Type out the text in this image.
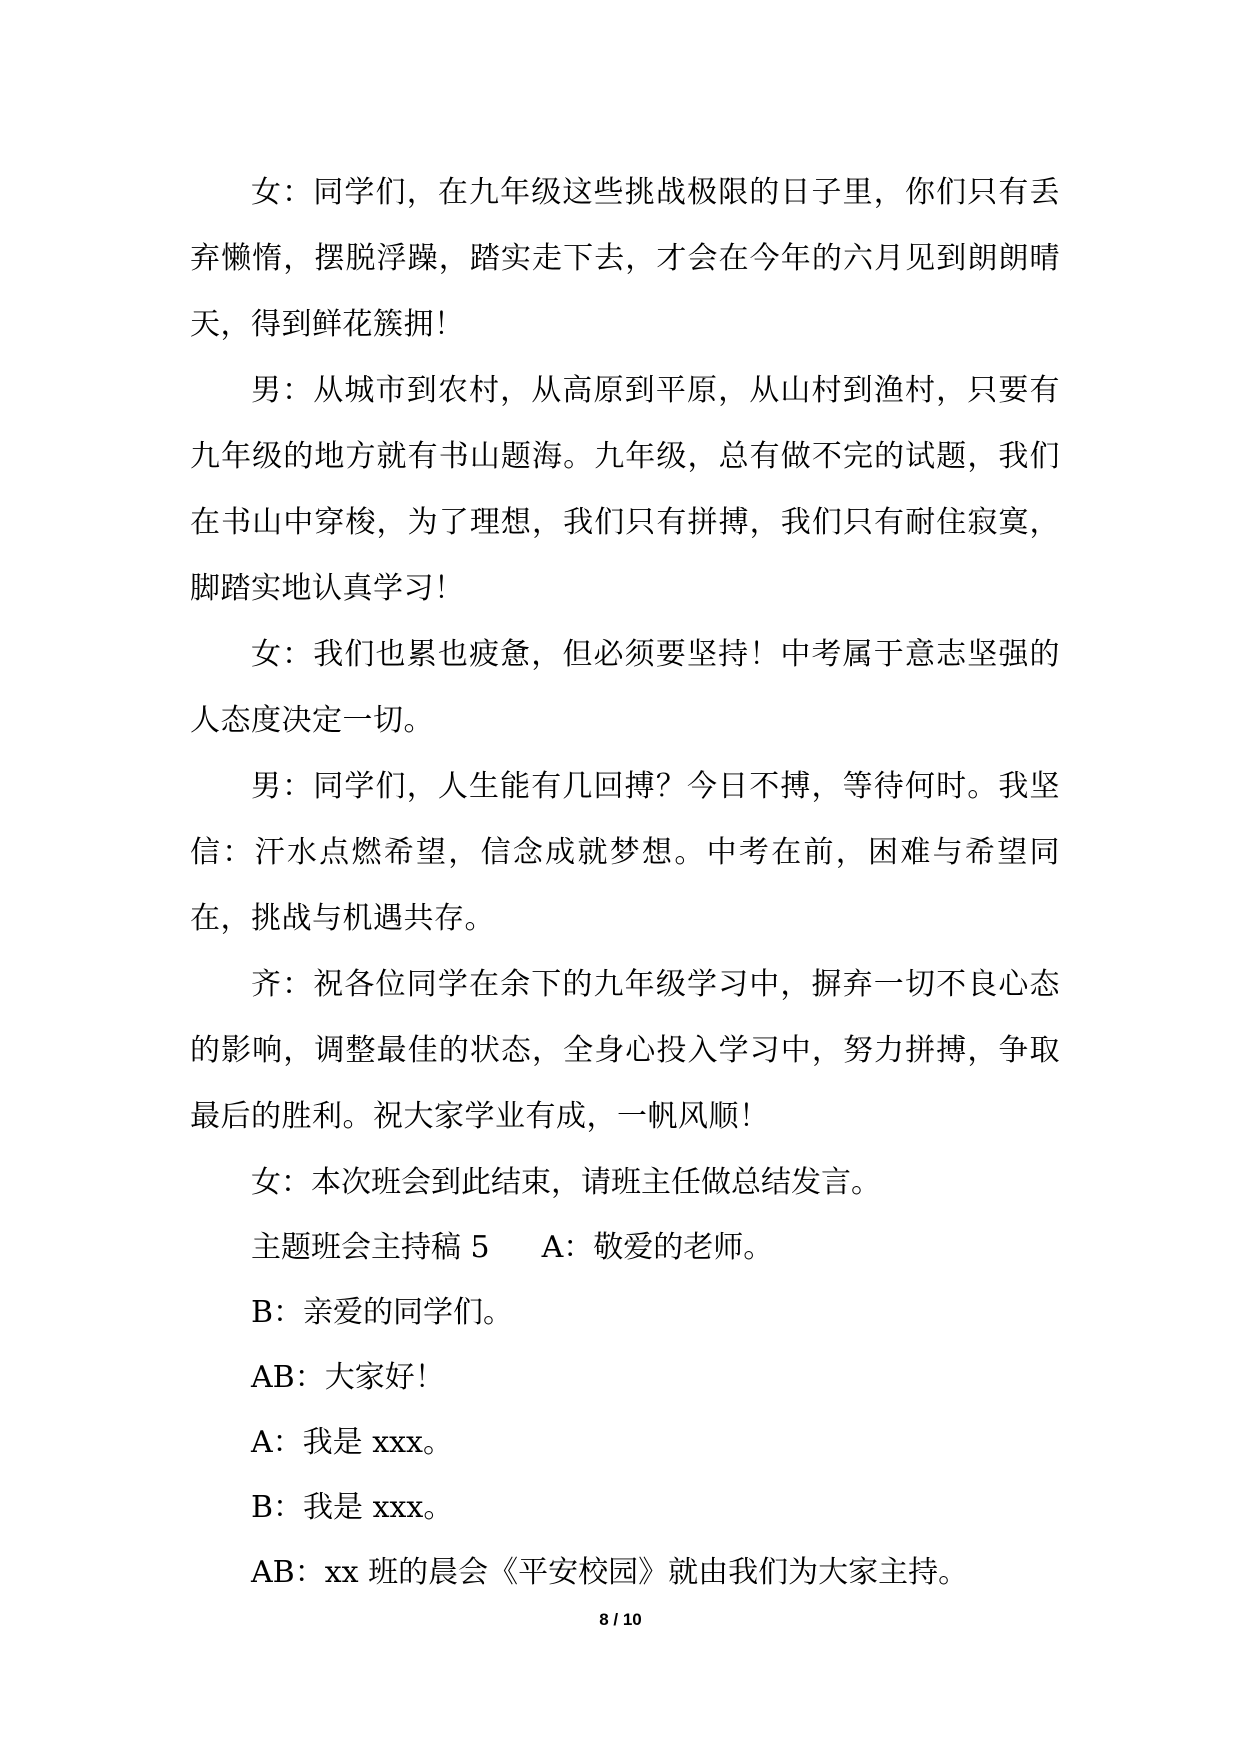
女：同学们，在九年级这些挑战极限的日子里，你们只有丢弃懒惰，摆脱浮躁，踏实走下去，才会在今年的六月见到朗朗晴天，得到鲜花簇拥！

男：从城市到农村，从高原到平原，从山村到渔村，只要有九年级的地方就有书山题海。九年级，总有做不完的试题，我们在书山中穿梭，为了理想，我们只有拼搏，我们只有耐住寂寞，脚踏实地认真学习！

女：我们也累也疲惫，但必须要坚持！中考属于意志坚强的人态度决定一切。

男：同学们，人生能有几回搏？今日不搏，等待何时。我坚信：汗水点燃希望，信念成就梦想。中考在前，困难与希望同在，挑战与机遇共存。

齐：祝各位同学在余下的九年级学习中，摒弃一切不良心态的影响，调整最佳的状态，全身心投入学习中，努力拼搏，争取最后的胜利。祝大家学业有成，一帆风顺！

女：本次班会到此结束，请班主任做总结发言。

主题班会主持稿 5 A：敬爱的老师。

B：亲爱的同学们。

AB：大家好！

A：我是 xxx。

B：我是 xxx。

AB：xx 班的晨会《平安校园》就由我们为大家主持。

8 / 10
